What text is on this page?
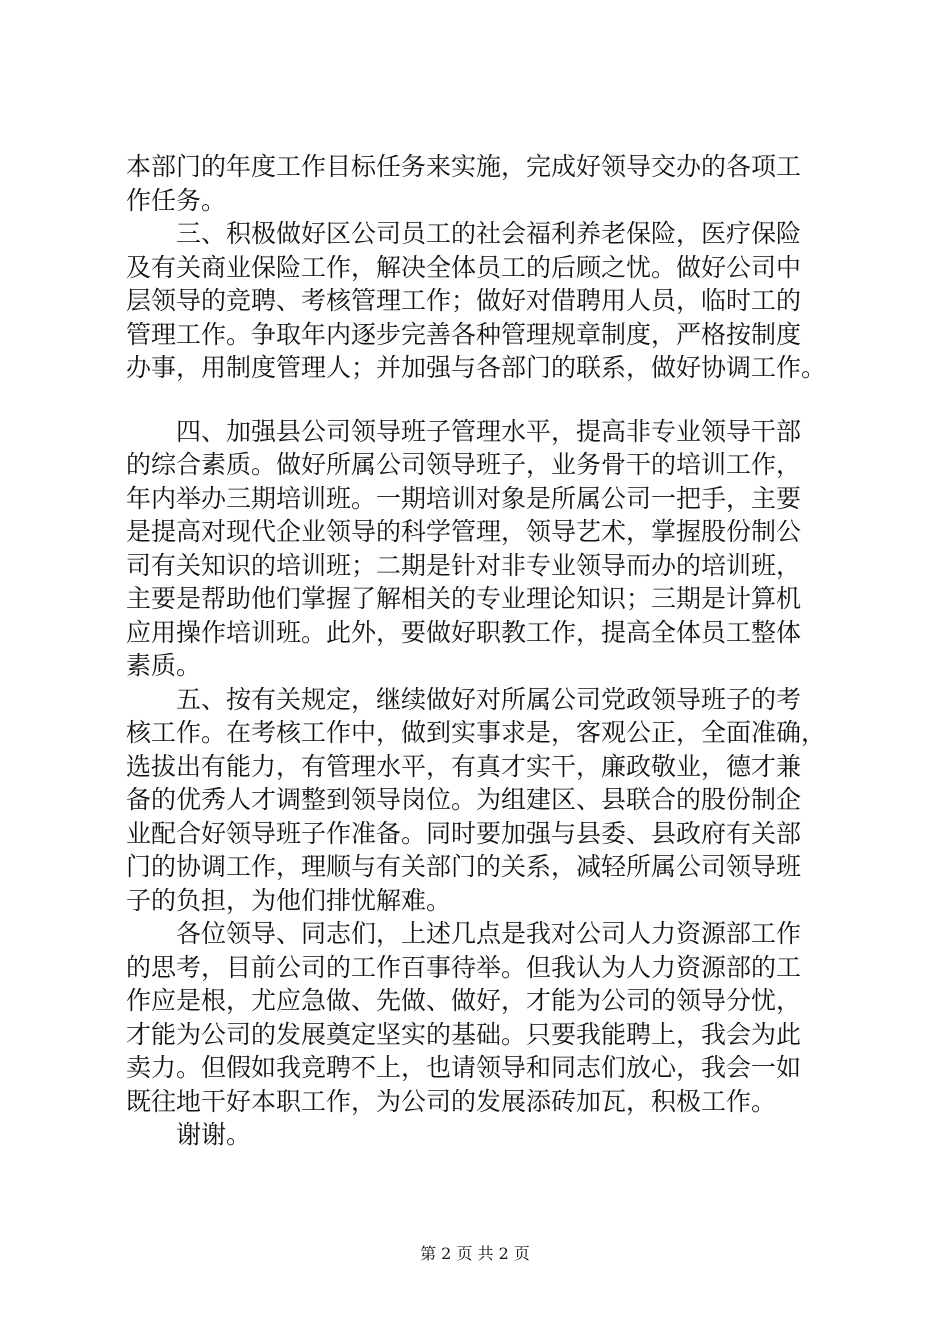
本部门的年度工作目标任务来实施，完成好领导交办的各项工
作任务。
三、积极做好区公司员工的社会福利养老保险，医疗保险
及有关商业保险工作，解决全体员工的后顾之忧。做好公司中
层领导的竞聘、考核管理工作；做好对借聘用人员，临时工的
管理工作。争取年内逐步完善各种管理规章制度，严格按制度
办事，用制度管理人；并加强与各部门的联系，做好协调工作。
四、加强县公司领导班子管理水平，提高非专业领导干部
的综合素质。做好所属公司领导班子，业务骨干的培训工作，
年内举办三期培训班。一期培训对象是所属公司一把手，主要
是提高对现代企业领导的科学管理，领导艺术，掌握股份制公
司有关知识的培训班；二期是针对非专业领导而办的培训班，
主要是帮助他们掌握了解相关的专业理论知识；三期是计算机
应用操作培训班。此外，要做好职教工作，提高全体员工整体
素质。
五、按有关规定，继续做好对所属公司党政领导班子的考
核工作。在考核工作中，做到实事求是，客观公正，全面准确，
选拔出有能力，有管理水平，有真才实干，廉政敬业，德才兼
备的优秀人才调整到领导岗位。为组建区、县联合的股份制企
业配合好领导班子作准备。同时要加强与县委、县政府有关部
门的协调工作，理顺与有关部门的关系，减轻所属公司领导班
子的负担，为他们排忧解难。
各位领导、同志们，上述几点是我对公司人力资源部工作
的思考，目前公司的工作百事待举。但我认为人力资源部的工
作应是根，尤应急做、先做、做好，才能为公司的领导分忧，
才能为公司的发展奠定坚实的基础。只要我能聘上，我会为此
卖力。但假如我竞聘不上，也请领导和同志们放心，我会一如
既往地干好本职工作，为公司的发展添砖加瓦，积极工作。
谢谢。
第 2 页 共 2 页
